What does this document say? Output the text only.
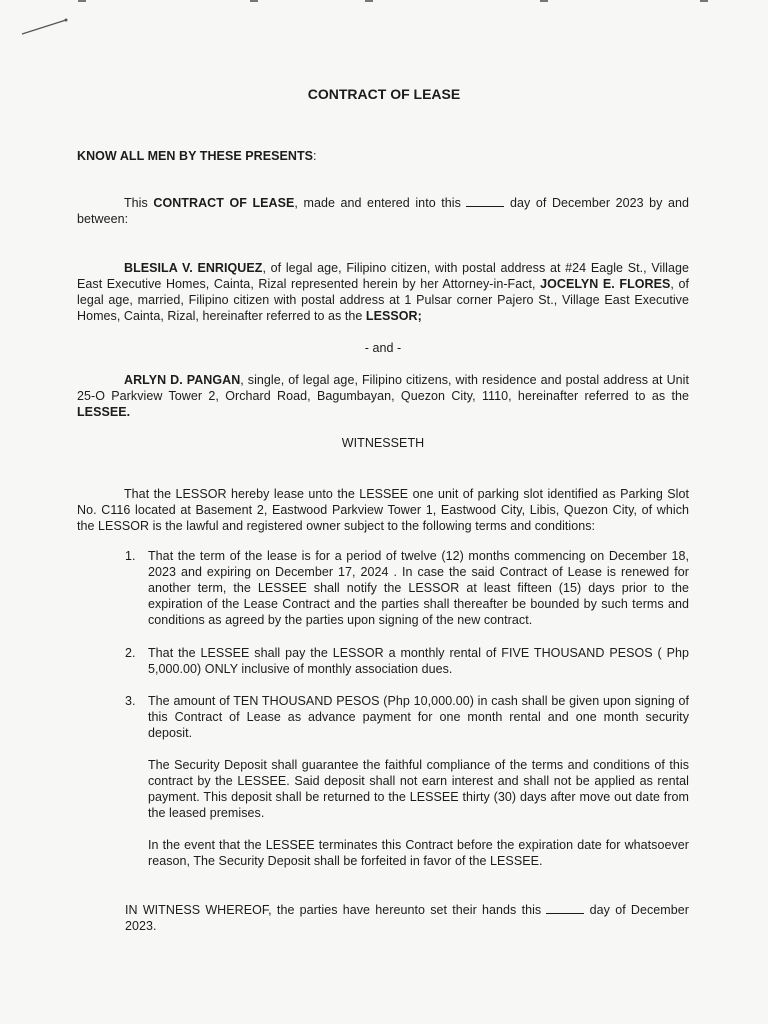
CONTRACT OF LEASE

KNOW ALL MEN BY THESE PRESENTS:

This CONTRACT OF LEASE, made and entered into this	day of December 2023 by and between:

BLESILA V. ENRIQUEZ, of legal age, Filipino citizen, with postal address at #24 Eagle St., Village East Executive Homes, Cainta, Rizal represented herein by her Attorney-in-Fact, JOCELYN E. FLORES, of legal age, married, Filipino citizen with postal address at 1 Pulsar corner Pajero St., Village East Executive Homes, Cainta, Rizal, hereinafter referred to as the LESSOR;

- and -

ARLYN D. PANGAN, single, of legal age, Filipino citizens, with residence and postal address at Unit 25-O Parkview Tower 2, Orchard Road, Bagumbayan, Quezon City, 1110, hereinafter referred to as the LESSEE.

WITNESSETH

That the LESSOR hereby lease unto the LESSEE one unit of parking slot identified as Parking Slot No. C116 located at Basement 2, Eastwood Parkview Tower 1, Eastwood City, Libis, Quezon City, of which the LESSOR is the lawful and registered owner subject to the following terms and conditions:

1. That the term of the lease is for a period of twelve (12) months commencing on December 18, 2023 and expiring on December 17, 2024 . In case the said Contract of Lease is renewed for another term, the LESSEE shall notify the LESSOR at least fifteen (15) days prior to the expiration of the Lease Contract and the parties shall thereafter be bounded by such terms and conditions as agreed by the parties upon signing of the new contract.

2. That the LESSEE shall pay the LESSOR a monthly rental of FIVE THOUSAND PESOS ( Php 5,000.00) ONLY inclusive of monthly association dues.

3. The amount of TEN THOUSAND PESOS (Php 10,000.00) in cash shall be given upon signing of this Contract of Lease as advance payment for one month rental and one month security deposit.

The Security Deposit shall guarantee the faithful compliance of the terms and conditions of this contract by the LESSEE. Said deposit shall not earn interest and shall not be applied as rental payment. This deposit shall be returned to the LESSEE thirty (30) days after move out date from the leased premises.

In the event that the LESSEE terminates this Contract before the expiration date for whatsoever reason, The Security Deposit shall be forfeited in favor of the LESSEE.

IN WITNESS WHEREOF, the parties have hereunto set their hands this	day of December 2023.
